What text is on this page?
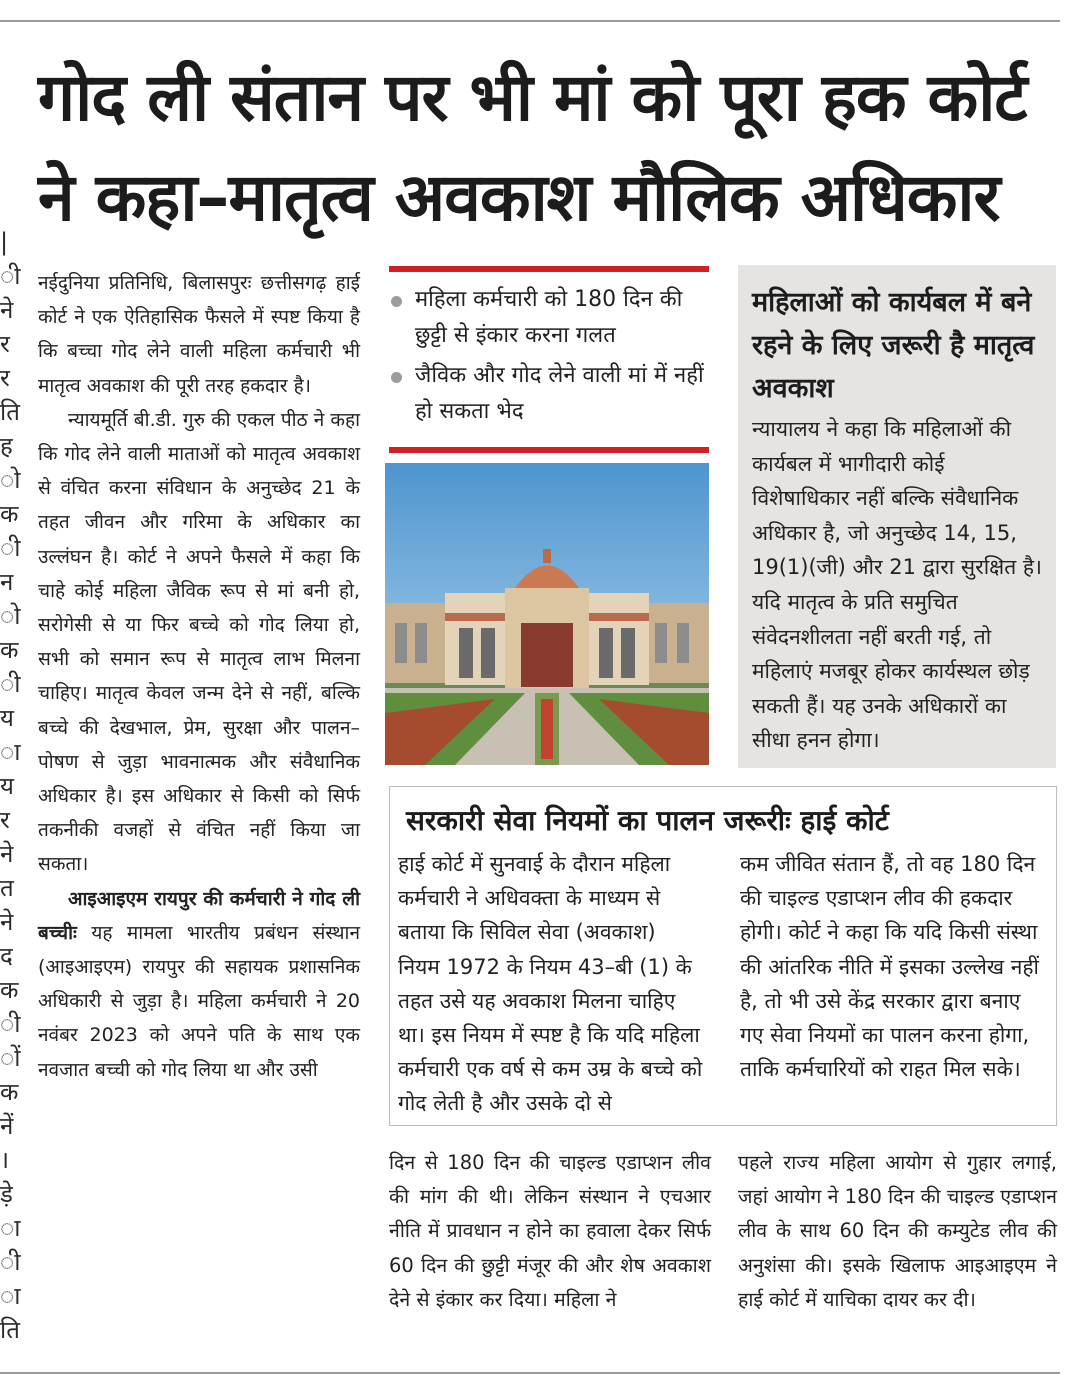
|
ी
ने
र
र
ति
ह
ो
क
ी
न
ो
क
ी
य
ा
य
र
ने
त
ने
द
क
ी
ों
क
नें
।
ड़े
ा
ी
ा
ति
गोद ली संतान पर भी मां को पूरा हक कोर्ट ने कहा–मातृत्व अवकाश मौलिक अधिकार

नईदुनिया प्रतिनिधि, बिलासपुरः छत्तीसगढ़ हाई कोर्ट ने एक ऐतिहासिक फैसले में स्पष्ट किया है कि बच्चा गोद लेने वाली महिला कर्मचारी भी मातृत्व अवकाश की पूरी तरह हकदार है।

न्यायमूर्ति बी.डी. गुरु की एकल पीठ ने कहा कि गोद लेने वाली माताओं को मातृत्व अवकाश से वंचित करना संविधान के अनुच्छेद 21 के तहत जीवन और गरिमा के अधिकार का उल्लंघन है। कोर्ट ने अपने फैसले में कहा कि चाहे कोई महिला जैविक रूप से मां बनी हो, सरोगेसी से या फिर बच्चे को गोद लिया हो, सभी को समान रूप से मातृत्व लाभ मिलना चाहिए। मातृत्व केवल जन्म देने से नहीं, बल्कि बच्चे की देखभाल, प्रेम, सुरक्षा और पालन–पोषण से जुड़ा भावनात्मक और संवैधानिक अधिकार है। इस अधिकार से किसी को सिर्फ तकनीकी वजहों से वंचित नहीं किया जा सकता।

आइआइएम रायपुर की कर्मचारी ने गोद ली बच्चीः यह मामला भारतीय प्रबंधन संस्थान (आइआइएम) रायपुर की सहायक प्रशासनिक अधिकारी से जुड़ा है। महिला कर्मचारी ने 20 नवंबर 2023 को अपने पति के साथ एक नवजात बच्ची को गोद लिया था और उसी

महिला कर्मचारी को 180 दिन की छुट्टी से इंकार करना गलत
जैविक और गोद लेने वाली मां में नहीं हो सकता भेद
महिलाओं को कार्यबल में बने रहने के लिए जरूरी है मातृत्व अवकाश

न्यायालय ने कहा कि महिलाओं की कार्यबल में भागीदारी कोई विशेषाधिकार नहीं बल्कि संवैधानिक अधिकार है, जो अनुच्छेद 14, 15, 19(1)(जी) और 21 द्वारा सुरक्षित है। यदि मातृत्व के प्रति समुचित संवेदनशीलता नहीं बरती गई, तो महिलाएं मजबूर होकर कार्यस्थल छोड़ सकती हैं। यह उनके अधिकारों का सीधा हनन होगा।

सरकारी सेवा नियमों का पालन जरूरीः हाई कोर्ट
हाई कोर्ट में सुनवाई के दौरान महिला कर्मचारी ने अधिवक्ता के माध्यम से बताया कि सिविल सेवा (अवकाश) नियम 1972 के नियम 43–बी (1) के तहत उसे यह अवकाश मिलना चाहिए था। इस नियम में स्पष्ट है कि यदि महिला कर्मचारी एक वर्ष से कम उम्र के बच्चे को गोद लेती है और उसके दो से
कम जीवित संतान हैं, तो वह 180 दिन की चाइल्ड एडाप्शन लीव की हकदार होगी। कोर्ट ने कहा कि यदि किसी संस्था की आंतरिक नीति में इसका उल्लेख नहीं है, तो भी उसे केंद्र सरकार द्वारा बनाए गए सेवा नियमों का पालन करना होगा, ताकि कर्मचारियों को राहत मिल सके।
दिन से 180 दिन की चाइल्ड एडाप्शन लीव की मांग की थी। लेकिन संस्थान ने एचआर नीति में प्रावधान न होने का हवाला देकर सिर्फ 60 दिन की छुट्टी मंजूर की और शेष अवकाश देने से इंकार कर दिया। महिला ने
पहले राज्य महिला आयोग से गुहार लगाई, जहां आयोग ने 180 दिन की चाइल्ड एडाप्शन लीव के साथ 60 दिन की कम्युटेड लीव की अनुशंसा की। इसके खिलाफ आइआइएम ने हाई कोर्ट में याचिका दायर कर दी।
